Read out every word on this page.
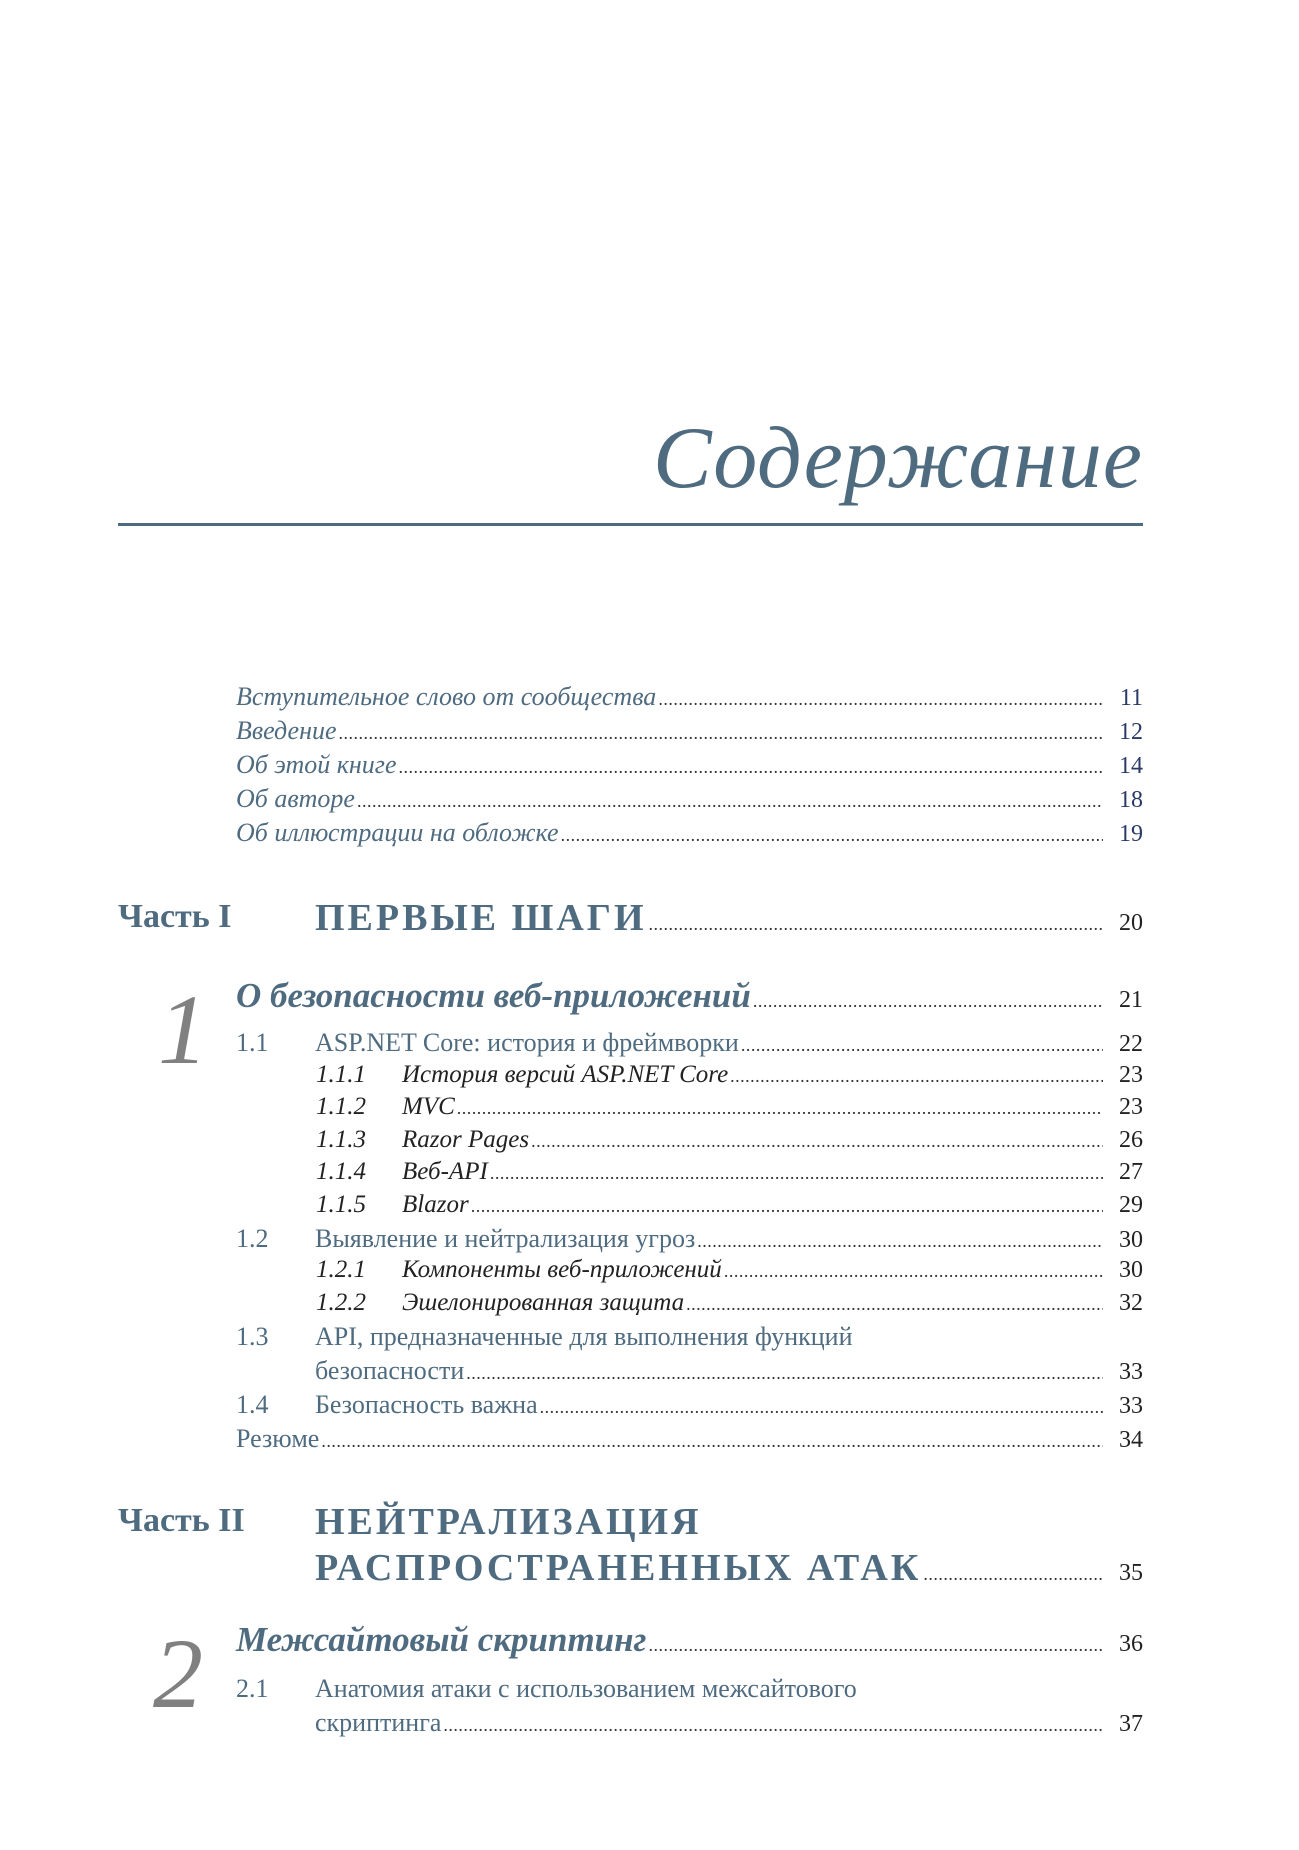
Содержание
Вступительное слово от сообщества . . .	11
Введение . . .	12
Об этой книге . . .	14
Об авторе . . .	18
Об иллюстрации на обложке . . .	19
Часть I ПЕРВЫЕ ШАГИ . . .	20
1 О безопасности веб-приложений . . .	21
1.1 ASP.NET Core: история и фреймворки . . .	22
1.1.1 История версий ASP.NET Core . . .	23
1.1.2 MVC . . .	23
1.1.3 Razor Pages . . .	26
1.1.4 Веб-API . . .	27
1.1.5 Blazor . . .	29
1.2 Выявление и нейтрализация угроз . . .	30
1.2.1 Компоненты веб-приложений . . .	30
1.2.2 Эшелонированная защита . . .	32
1.3 API, предназначенные для выполнения функций
безопасности . . .	33
1.4 Безопасность важна . . .	33
Резюме . . .	34
Часть II НЕЙТРАЛИЗАЦИЯ
РАСПРОСТРАНЕННЫХ АТАК . . .	35
2 Межсайтовый скриптинг . . .	36
2.1 Анатомия атаки с использованием межсайтового
скриптинга . . .	37
